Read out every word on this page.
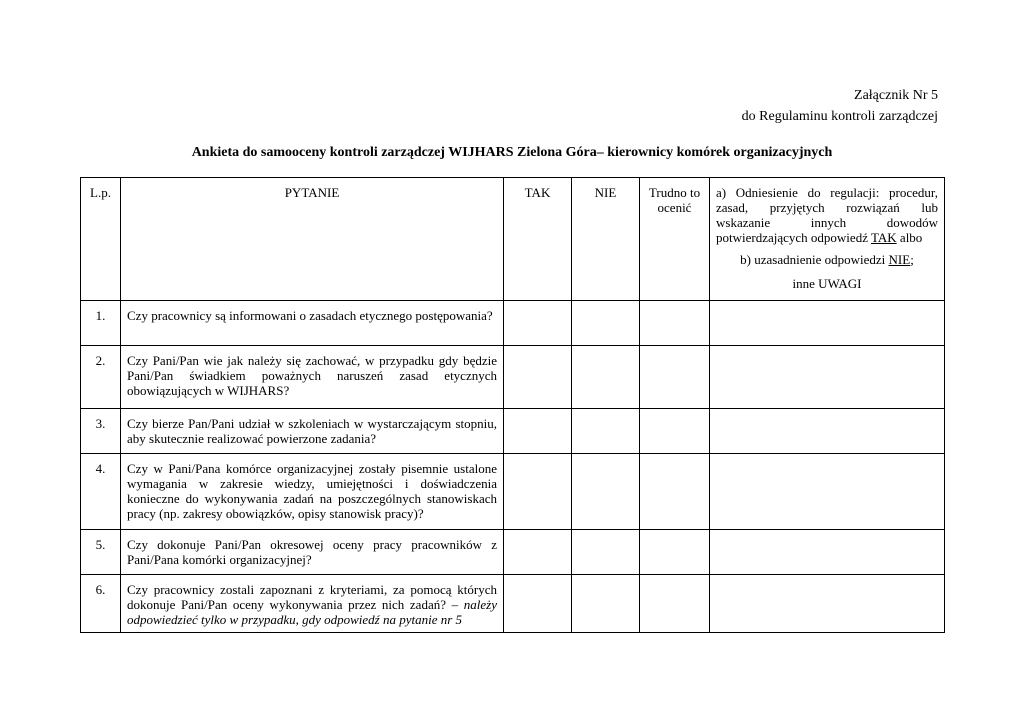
Załącznik Nr 5
do Regulaminu kontroli zarządczej
Ankieta do samooceny kontroli zarządczej WIJHARS Zielona Góra– kierownicy komórek organizacyjnych
L.p.	PYTANIE	TAK	NIE	Trudno to ocenić	a) Odniesienie do regulacji: procedur, zasad, przyjętych rozwiązań lub wskazanie innych dowodów potwierdzających odpowiedź TAK albo

b) uzasadnienie odpowiedzi NIE;

inne UWAGI

1.	Czy pracownicy są informowani o zasadach etycznego postępowania?				
2.	Czy Pani/Pan wie jak należy się zachować, w przypadku gdy będzie Pani/Pan świadkiem poważnych naruszeń zasad etycznych obowiązujących w WIJHARS?				
3.	Czy bierze Pan/Pani udział w szkoleniach w wystarczającym stopniu, aby skutecznie realizować powierzone zadania?				
4.	Czy w Pani/Pana komórce organizacyjnej zostały pisemnie ustalone wymagania w zakresie wiedzy, umiejętności i doświadczenia konieczne do wykonywania zadań na poszczególnych stanowiskach pracy (np. zakresy obowiązków, opisy stanowisk pracy)?				
5.	Czy dokonuje Pani/Pan okresowej oceny pracy pracowników z Pani/Pana komórki organizacyjnej?				
6.	Czy pracownicy zostali zapoznani z kryteriami, za pomocą których dokonuje Pani/Pan oceny wykonywania przez nich zadań? – należy odpowiedzieć tylko w przypadku, gdy odpowiedź na pytanie nr 5				
